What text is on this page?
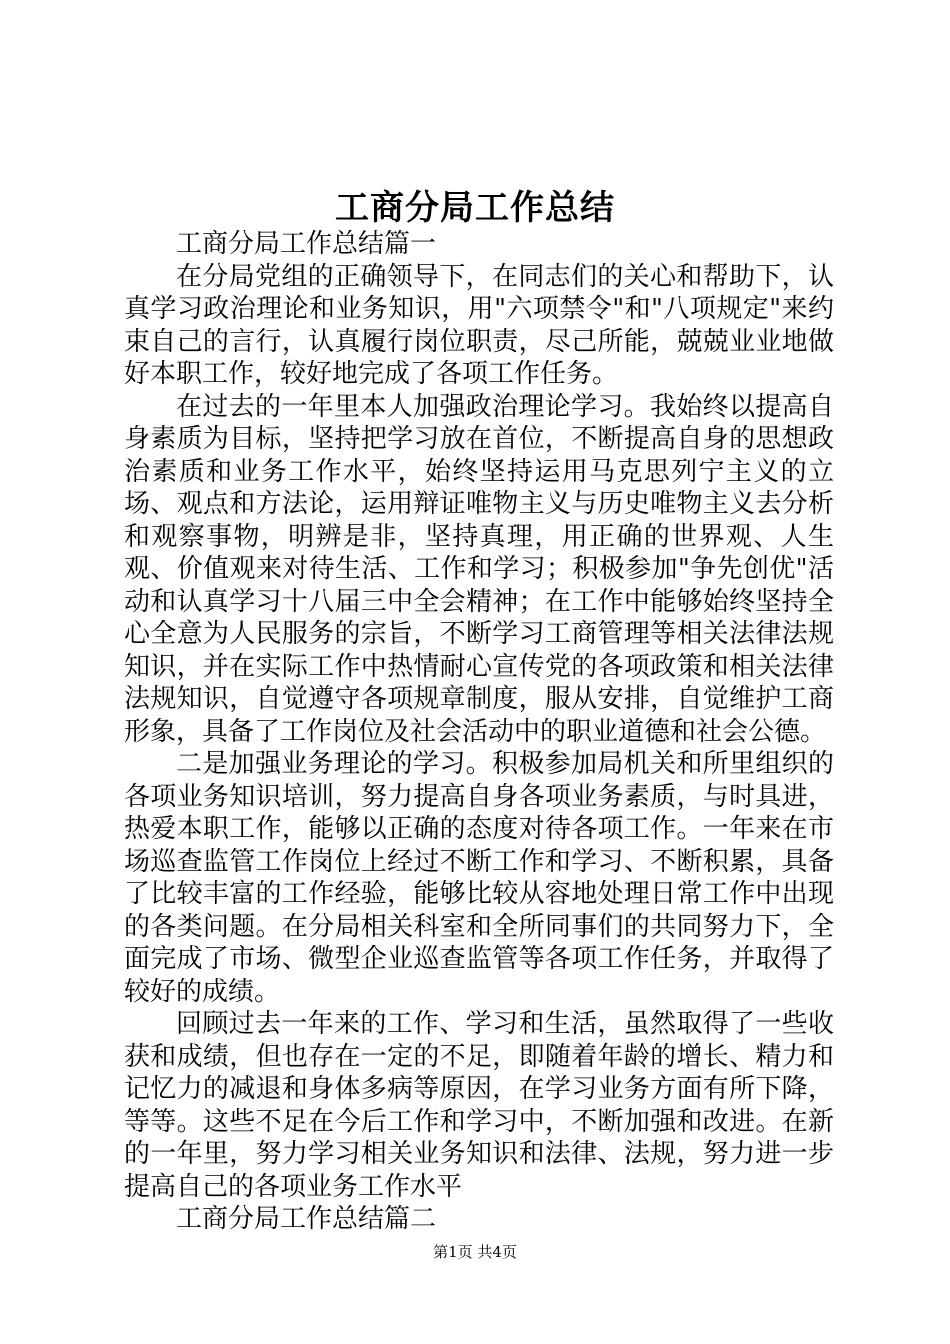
工商分局工作总结

工商分局工作总结篇一

在分局党组的正确领导下，在同志们的关心和帮助下，认真学习政治理论和业务知识，用"六项禁令"和"八项规定"来约束自己的言行，认真履行岗位职责，尽己所能，兢兢业业地做好本职工作，较好地完成了各项工作任务。

在过去的一年里本人加强政治理论学习。我始终以提高自身素质为目标，坚持把学习放在首位，不断提高自身的思想政治素质和业务工作水平，始终坚持运用马克思列宁主义的立场、观点和方法论，运用辩证唯物主义与历史唯物主义去分析和观察事物，明辨是非，坚持真理，用正确的世界观、人生观、价值观来对待生活、工作和学习；积极参加"争先创优"活动和认真学习十八届三中全会精神；在工作中能够始终坚持全心全意为人民服务的宗旨，不断学习工商管理等相关法律法规知识，并在实际工作中热情耐心宣传党的各项政策和相关法律法规知识，自觉遵守各项规章制度，服从安排，自觉维护工商形象，具备了工作岗位及社会活动中的职业道德和社会公德。

二是加强业务理论的学习。积极参加局机关和所里组织的各项业务知识培训，努力提高自身各项业务素质，与时具进，热爱本职工作，能够以正确的态度对待各项工作。一年来在市场巡查监管工作岗位上经过不断工作和学习、不断积累，具备了比较丰富的工作经验，能够比较从容地处理日常工作中出现的各类问题。在分局相关科室和全所同事们的共同努力下，全面完成了市场、微型企业巡查监管等各项工作任务，并取得了较好的成绩。

回顾过去一年来的工作、学习和生活，虽然取得了一些收获和成绩，但也存在一定的不足，即随着年龄的增长、精力和记忆力的减退和身体多病等原因，在学习业务方面有所下降，等等。这些不足在今后工作和学习中，不断加强和改进。在新的一年里，努力学习相关业务知识和法律、法规，努力进一步提高自己的各项业务工作水平

工商分局工作总结篇二

第1页 共4页
